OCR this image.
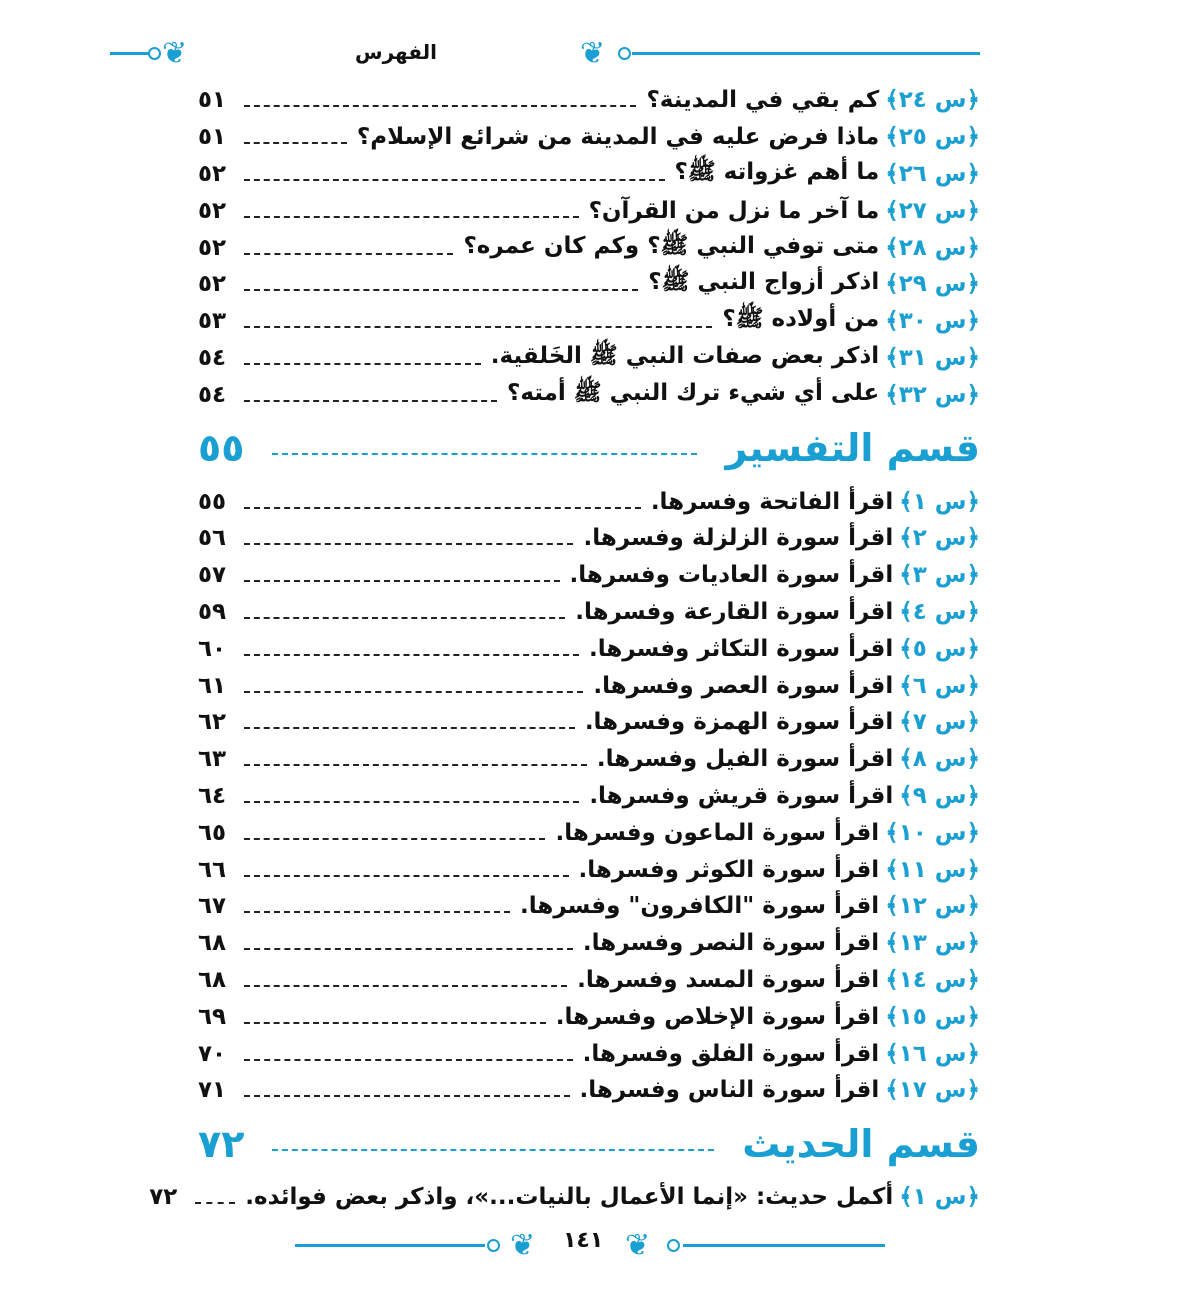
❦	الفهرس	❦
﴿س ٢٤﴾
كم بقي في المدينة؟
٥١
﴿س ٢٥﴾
ماذا فرض عليه في المدينة من شرائع الإسلام؟
٥١
﴿س ٢٦﴾
ما أهم غزواته ﷺ؟
٥٢
﴿س ٢٧﴾
ما آخر ما نزل من القرآن؟
٥٢
﴿س ٢٨﴾
متى توفي النبي ﷺ؟ وكم كان عمره؟
٥٢
﴿س ٢٩﴾
اذكر أزواج النبي ﷺ؟
٥٢
﴿س ٣٠﴾
من أولاده ﷺ؟
٥٣
﴿س ٣١﴾
اذكر بعض صفات النبي ﷺ الخَلقية.
٥٤
﴿س ٣٢﴾
على أي شيء ترك النبي ﷺ أمته؟
٥٤
قسم التفسير
٥٥
﴿س ١﴾
اقرأ الفاتحة وفسرها.
٥٥
﴿س ٢﴾
اقرأ سورة الزلزلة وفسرها.
٥٦
﴿س ٣﴾
اقرأ سورة العاديات وفسرها.
٥٧
﴿س ٤﴾
اقرأ سورة القارعة وفسرها.
٥٩
﴿س ٥﴾
اقرأ سورة التكاثر وفسرها.
٦٠
﴿س ٦﴾
اقرأ سورة العصر وفسرها.
٦١
﴿س ٧﴾
اقرأ سورة الهمزة وفسرها.
٦٢
﴿س ٨﴾
اقرأ سورة الفيل وفسرها.
٦٣
﴿س ٩﴾
اقرأ سورة قريش وفسرها.
٦٤
﴿س ١٠﴾
اقرأ سورة الماعون وفسرها.
٦٥
﴿س ١١﴾
اقرأ سورة الكوثر وفسرها.
٦٦
﴿س ١٢﴾
اقرأ سورة "الكافرون" وفسرها.
٦٧
﴿س ١٣﴾
اقرأ سورة النصر وفسرها.
٦٨
﴿س ١٤﴾
اقرأ سورة المسد وفسرها.
٦٨
﴿س ١٥﴾
اقرأ سورة الإخلاص وفسرها.
٦٩
﴿س ١٦﴾
اقرأ سورة الفلق وفسرها.
٧٠
﴿س ١٧﴾
اقرأ سورة الناس وفسرها.
٧١
قسم الحديث
٧٢
﴿س ١﴾
أكمل حديث: «إنما الأعمال بالنيات...»، واذكر بعض فوائده.
٧٢
❦ ١٤١ ❦
